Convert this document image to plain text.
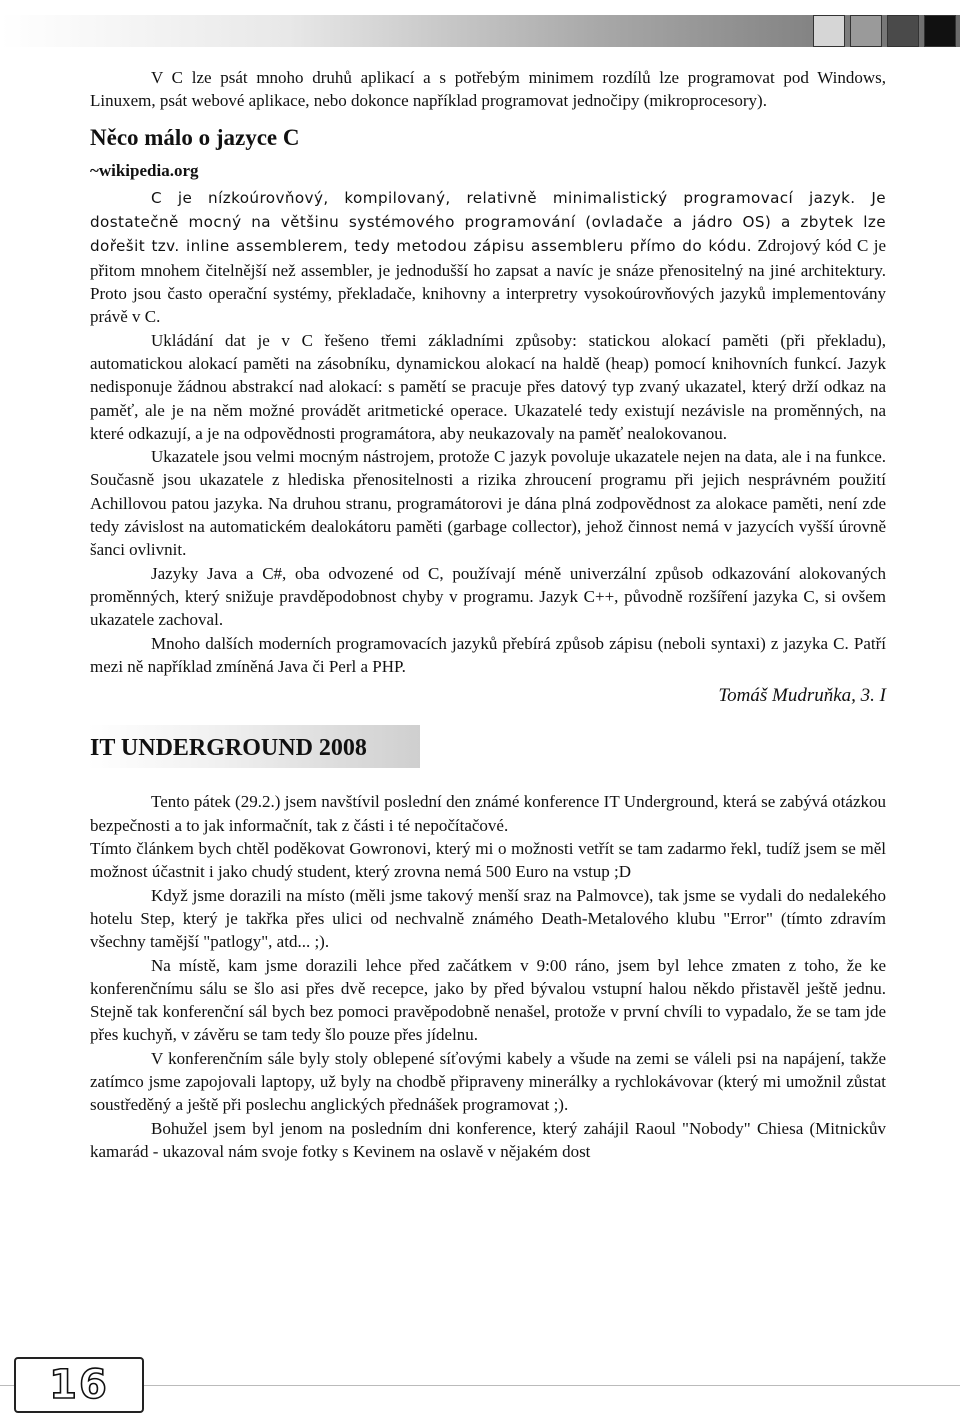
V C lze psát mnoho druhů aplikací a s potřebým minimem rozdílů lze programovat pod Windows, Linuxem, psát webové aplikace, nebo dokonce například programovat jednočipy (mikroprocesory).

Něco málo o jazyce C
~wikipedia.org

C je nízkoúrovňový, kompilovaný, relativně minimalistický programovací jazyk. Je dostatečně mocný na většinu systémového programování (ovladače a jádro OS) a zbytek lze dořešit tzv. inline assemblerem, tedy metodou zápisu assembleru přímo do kódu. Zdrojový kód C je přitom mnohem čitelnější než assembler, je jednodušší ho zapsat a navíc je snáze přenositelný na jiné architektury. Proto jsou často operační systémy, překladače, knihovny a interpretry vysokoúrovňových jazyků implementovány právě v C.

Ukládání dat je v C řešeno třemi základními způsoby: statickou alokací paměti (při překladu), automatickou alokací paměti na zásobníku, dynamickou alokací na haldě (heap) pomocí knihovních funkcí. Jazyk nedisponuje žádnou abstrakcí nad alokací: s pamětí se pracuje přes datový typ zvaný ukazatel, který drží odkaz na paměť, ale je na něm možné provádět aritmetické operace. Ukazatelé tedy existují nezávisle na proměnných, na které odkazují, a je na odpovědnosti programátora, aby neukazovaly na paměť nealokovanou.

Ukazatele jsou velmi mocným nástrojem, protože C jazyk povoluje ukazatele nejen na data, ale i na funkce. Současně jsou ukazatele z hlediska přenositelnosti a rizika zhroucení programu při jejich nesprávném použití Achillovou patou jazyka. Na druhou stranu, programátorovi je dána plná zodpovědnost za alokace paměti, není zde tedy závislost na automatickém dealokátoru paměti (garbage collector), jehož činnost nemá v jazycích vyšší úrovně šanci ovlivnit.

Jazyky Java a C#, oba odvozené od C, používají méně univerzální způsob odkazování alokovaných proměnných, který snižuje pravděpodobnost chyby v programu. Jazyk C++, původně rozšíření jazyka C, si ovšem ukazatele zachoval.

Mnoho dalších moderních programovacích jazyků přebírá způsob zápisu (neboli syntaxi) z jazyka C. Patří mezi ně například zmíněná Java či Perl a PHP.

Tomáš Mudruňka, 3. I
IT UNDERGROUND 2008

Tento pátek (29.2.) jsem navštívil poslední den známé konference IT Underground, která se zabývá otázkou bezpečnosti a to jak informačnít, tak z části i té nepočítačové.

Tímto článkem bych chtěl poděkovat Gowronovi, který mi o možnosti vetřít se tam zadarmo řekl, tudíž jsem se měl možnost účastnit i jako chudý student, který zrovna nemá 500 Euro na vstup ;D

Když jsme dorazili na místo (měli jsme takový menší sraz na Palmovce), tak jsme se vydali do nedalekého hotelu Step, který je takřka přes ulici od nechvalně známého Death-Metalového klubu "Error" (tímto zdravím všechny tamější "patlogy", atd... ;).

Na místě, kam jsme dorazili lehce před začátkem v 9:00 ráno, jsem byl lehce zmaten z toho, že ke konferenčnímu sálu se šlo asi přes dvě recepce, jako by před bývalou vstupní halou někdo přistavěl ještě jednu. Stejně tak konferenční sál bych bez pomoci pravěpodobně nenašel, protože v první chvíli to vypadalo, že se tam jde přes kuchyň, v závěru se tam tedy šlo pouze přes jídelnu.

V konferenčním sále byly stoly oblepené síťovými kabely a všude na zemi se váleli psi na napájení, takže zatímco jsme zapojovali laptopy, už byly na chodbě připraveny minerálky a rychlokávovar (který mi umožnil zůstat soustředěný a ještě při poslechu anglických přednášek programovat ;).

Bohužel jsem byl jenom na posledním dni konference, který zahájil Raoul "Nobody" Chiesa (Mitnickův kamarád - ukazoval nám svoje fotky s Kevinem na oslavě v nějakém dost

16
